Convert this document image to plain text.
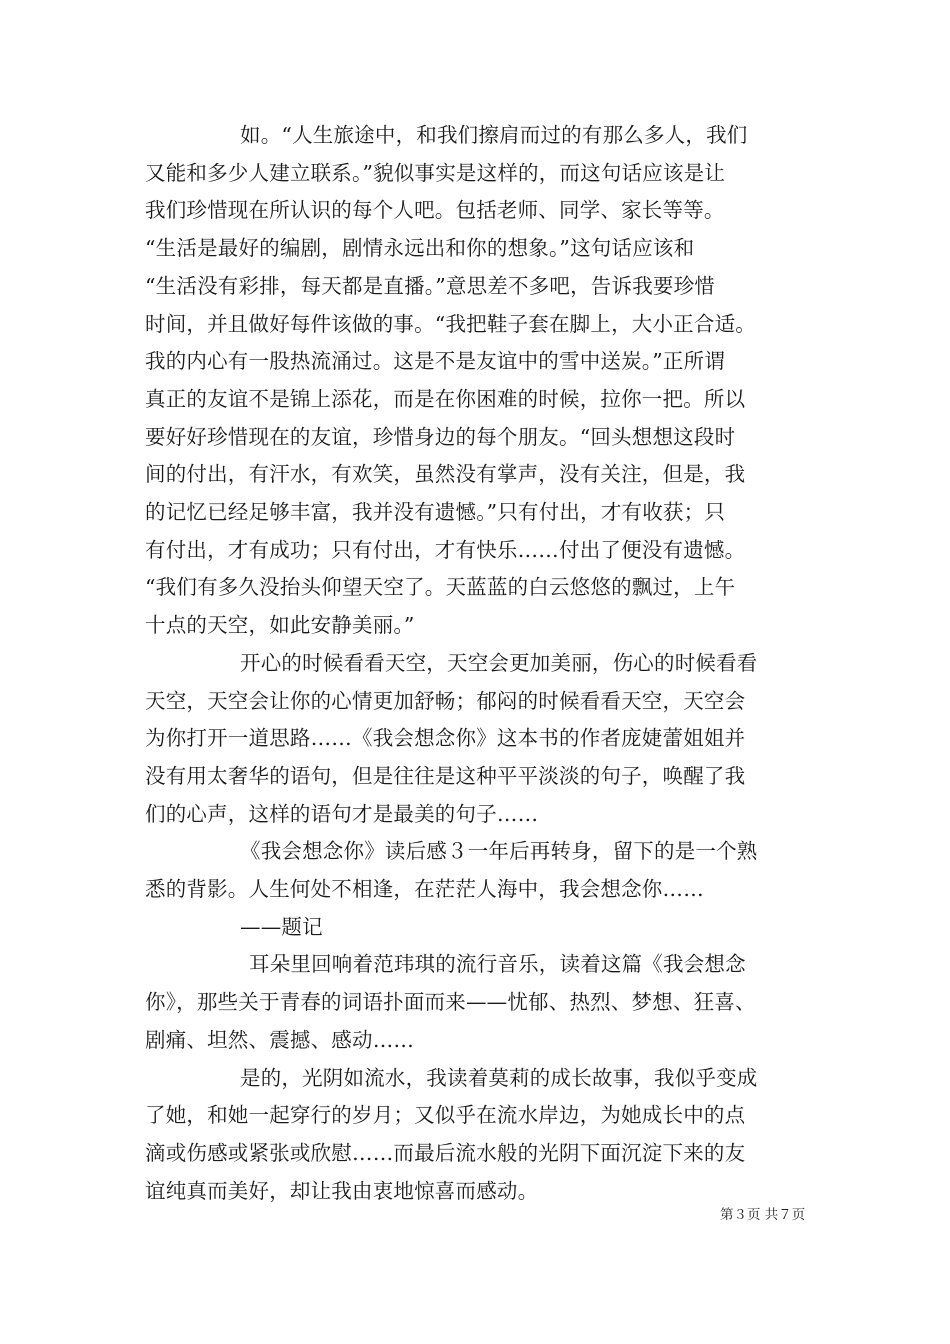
如。“人生旅途中，和我们擦肩而过的有那么多人，我们
又能和多少人建立联系。”貌似事实是这样的，而这句话应该是让
我们珍惜现在所认识的每个人吧。包括老师、同学、家长等等。
“生活是最好的编剧，剧情永远出和你的想象。”这句话应该和
“生活没有彩排，每天都是直播。”意思差不多吧，告诉我要珍惜
时间，并且做好每件该做的事。“我把鞋子套在脚上，大小正合适。
我的内心有一股热流涌过。这是不是友谊中的雪中送炭。”正所谓
真正的友谊不是锦上添花，而是在你困难的时候，拉你一把。所以
要好好珍惜现在的友谊，珍惜身边的每个朋友。“回头想想这段时
间的付出，有汗水，有欢笑，虽然没有掌声，没有关注，但是，我
的记忆已经足够丰富，我并没有遗憾。”只有付出，才有收获；只
有付出，才有成功；只有付出，才有快乐……付出了便没有遗憾。
“我们有多久没抬头仰望天空了。天蓝蓝的白云悠悠的飘过，上午
十点的天空，如此安静美丽。”
开心的时候看看天空，天空会更加美丽，伤心的时候看看
天空，天空会让你的心情更加舒畅；郁闷的时候看看天空，天空会
为你打开一道思路……《我会想念你》这本书的作者庞婕蕾姐姐并
没有用太奢华的语句，但是往往是这种平平淡淡的句子，唤醒了我
们的心声，这样的语句才是最美的句子……
《我会想念你》读后感３一年后再转身，留下的是一个熟
悉的背影。人生何处不相逢，在茫茫人海中，我会想念你……
——题记
耳朵里回响着范玮琪的流行音乐，读着这篇《我会想念
你》，那些关于青春的词语扑面而来——忧郁、热烈、梦想、狂喜、
剧痛、坦然、震撼、感动……
是的，光阴如流水，我读着莫莉的成长故事，我似乎变成
了她，和她一起穿行的岁月；又似乎在流水岸边，为她成长中的点
滴或伤感或紧张或欣慰……而最后流水般的光阴下面沉淀下来的友
谊纯真而美好，却让我由衷地惊喜而感动。

第３页 共７页
